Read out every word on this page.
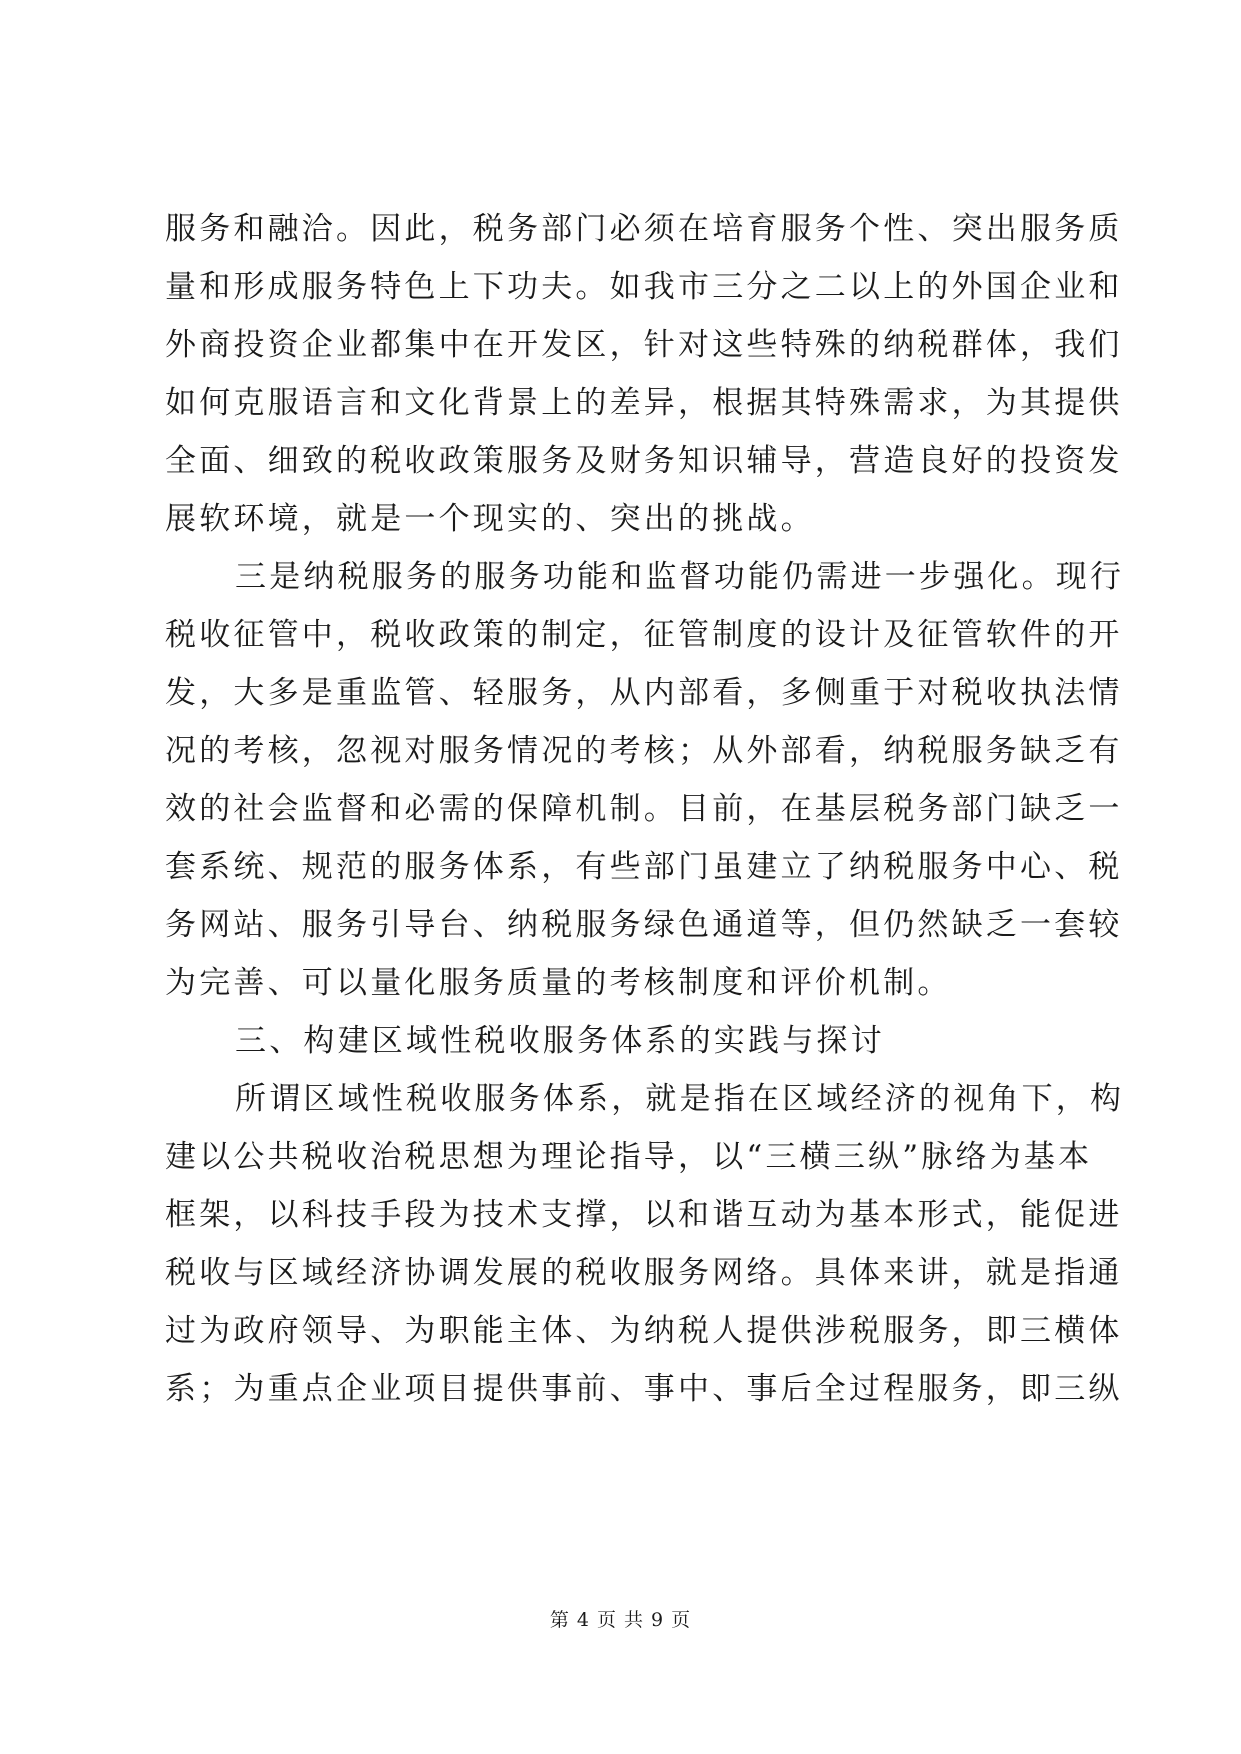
服务和融洽。因此，税务部门必须在培育服务个性、突出服务质
量和形成服务特色上下功夫。如我市三分之二以上的外国企业和
外商投资企业都集中在开发区，针对这些特殊的纳税群体，我们
如何克服语言和文化背景上的差异，根据其特殊需求，为其提供
全面、细致的税收政策服务及财务知识辅导，营造良好的投资发
展软环境，就是一个现实的、突出的挑战。
三是纳税服务的服务功能和监督功能仍需进一步强化。现行
税收征管中，税收政策的制定，征管制度的设计及征管软件的开
发，大多是重监管、轻服务，从内部看，多侧重于对税收执法情
况的考核，忽视对服务情况的考核；从外部看，纳税服务缺乏有
效的社会监督和必需的保障机制。目前，在基层税务部门缺乏一
套系统、规范的服务体系，有些部门虽建立了纳税服务中心、税
务网站、服务引导台、纳税服务绿色通道等，但仍然缺乏一套较
为完善、可以量化服务质量的考核制度和评价机制。
三、构建区域性税收服务体系的实践与探讨
所谓区域性税收服务体系，就是指在区域经济的视角下，构
建以公共税收治税思想为理论指导，以“三横三纵”脉络为基本
框架，以科技手段为技术支撑，以和谐互动为基本形式，能促进
税收与区域经济协调发展的税收服务网络。具体来讲，就是指通
过为政府领导、为职能主体、为纳税人提供涉税服务，即三横体
系；为重点企业项目提供事前、事中、事后全过程服务，即三纵
第 4 页 共 9 页
